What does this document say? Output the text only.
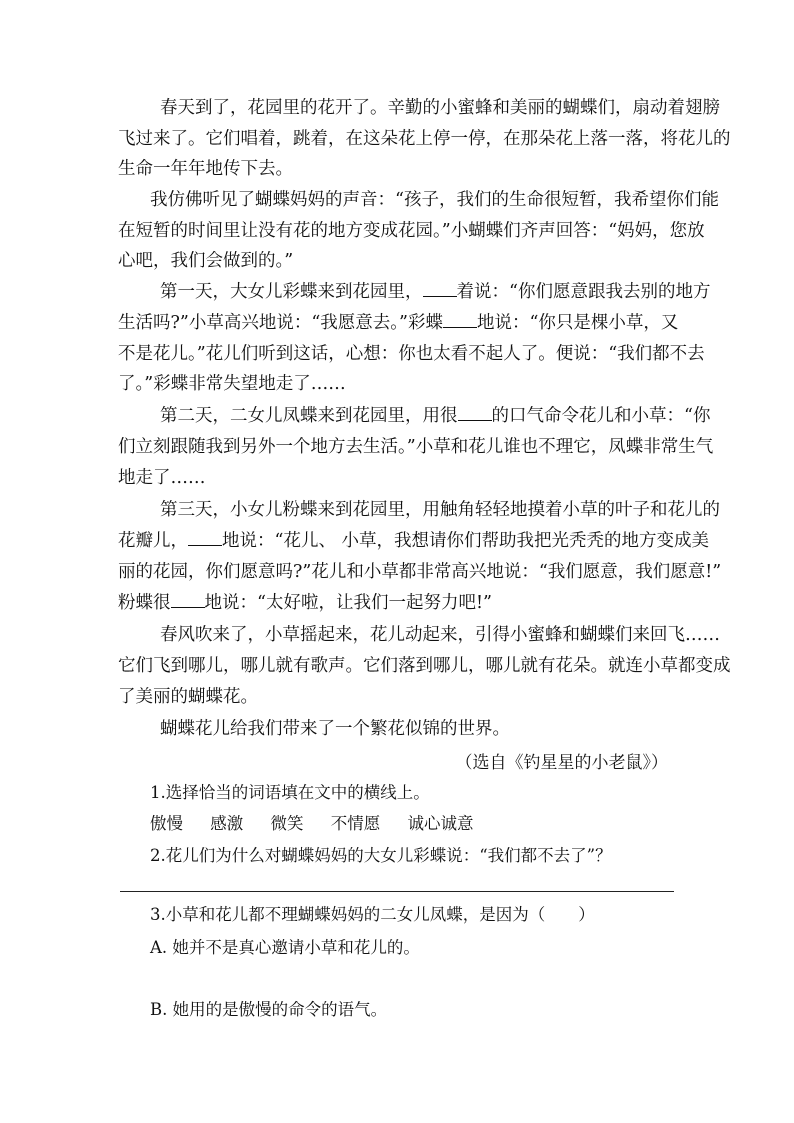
春天到了，花园里的花开了。辛勤的小蜜蜂和美丽的蝴蝶们，扇动着翅膀
飞过来了。它们唱着，跳着，在这朵花上停一停，在那朵花上落一落，将花儿的
生命一年年地传下去。
我仿佛听见了蝴蝶妈妈的声音：“孩子，我们的生命很短暂，我希望你们能
在短暂的时间里让没有花的地方变成花园。”小蝴蝶们齐声回答：“妈妈，您放
心吧，我们会做到的。”
第一天，大女儿彩蝶来到花园里， 着说：“你们愿意跟我去别的地方
生活吗?”小草高兴地说：“我愿意去。”彩蝶 地说：“你只是棵小草，又
不是花儿。”花儿们听到这话，心想：你也太看不起人了。便说：“我们都不去
了。”彩蝶非常失望地走了……
第二天，二女儿凤蝶来到花园里，用很 的口气命令花儿和小草：“你
们立刻跟随我到另外一个地方去生活。”小草和花儿谁也不理它，凤蝶非常生气
地走了……
第三天，小女儿粉蝶来到花园里，用触角轻轻地摸着小草的叶子和花儿的
花瓣儿， 地说：“花儿、 小草，我想请你们帮助我把光秃秃的地方变成美
丽的花园，你们愿意吗?”花儿和小草都非常高兴地说：“我们愿意，我们愿意!”
粉蝶很 地说：“太好啦，让我们一起努力吧!”
春风吹来了，小草摇起来，花儿动起来，引得小蜜蜂和蝴蝶们来回飞……
它们飞到哪儿，哪儿就有歌声。它们落到哪儿，哪儿就有花朵。就连小草都变成
了美丽的蝴蝶花。
蝴蝶花儿给我们带来了一个繁花似锦的世界。
（选自《钓星星的小老鼠》）
1.选择恰当的词语填在文中的横线上。
傲慢 感激 微笑 不情愿 诚心诚意
2.花儿们为什么对蝴蝶妈妈的大女儿彩蝶说：“我们都不去了”？
3.小草和花儿都不理蝴蝶妈妈的二女儿凤蝶，是因为（　　）
A. 她并不是真心邀请小草和花儿的。
B. 她用的是傲慢的命令的语气。
